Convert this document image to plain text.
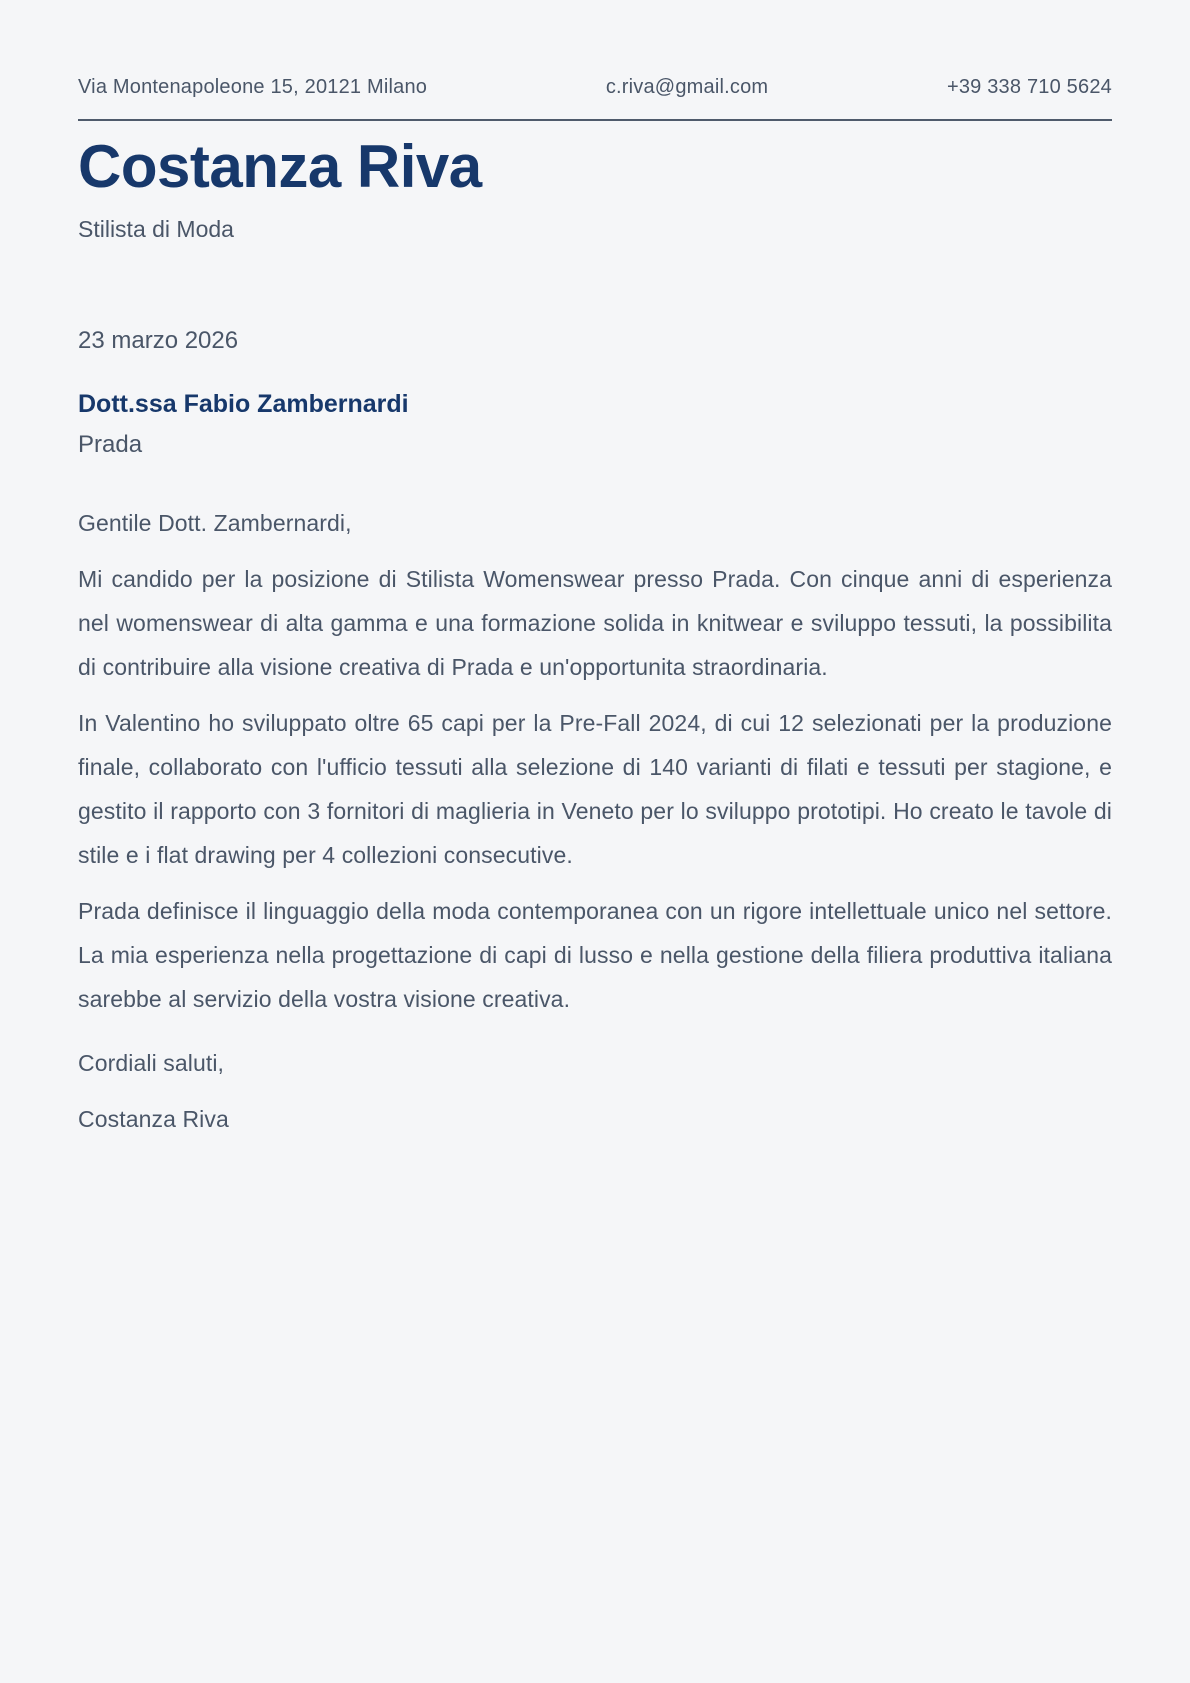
Via Montenapoleone 15, 20121 Milano	c.riva@gmail.com	+39 338 710 5624
Costanza Riva

Stilista di Moda

23 marzo 2026

Dott.ssa Fabio Zambernardi

Prada

Gentile Dott. Zambernardi,

Mi candido per la posizione di Stilista Womenswear presso Prada. Con cinque anni di esperienza nel womenswear di alta gamma e una formazione solida in knitwear e sviluppo tessuti, la possibilita di contribuire alla visione creativa di Prada e un'opportunita straordinaria.

In Valentino ho sviluppato oltre 65 capi per la Pre-Fall 2024, di cui 12 selezionati per la produzione finale, collaborato con l'ufficio tessuti alla selezione di 140 varianti di filati e tessuti per stagione, e gestito il rapporto con 3 fornitori di maglieria in Veneto per lo sviluppo prototipi. Ho creato le tavole di stile e i flat drawing per 4 collezioni consecutive.

Prada definisce il linguaggio della moda contemporanea con un rigore intellettuale unico nel settore. La mia esperienza nella progettazione di capi di lusso e nella gestione della filiera produttiva italiana sarebbe al servizio della vostra visione creativa.

Cordiali saluti,

Costanza Riva
